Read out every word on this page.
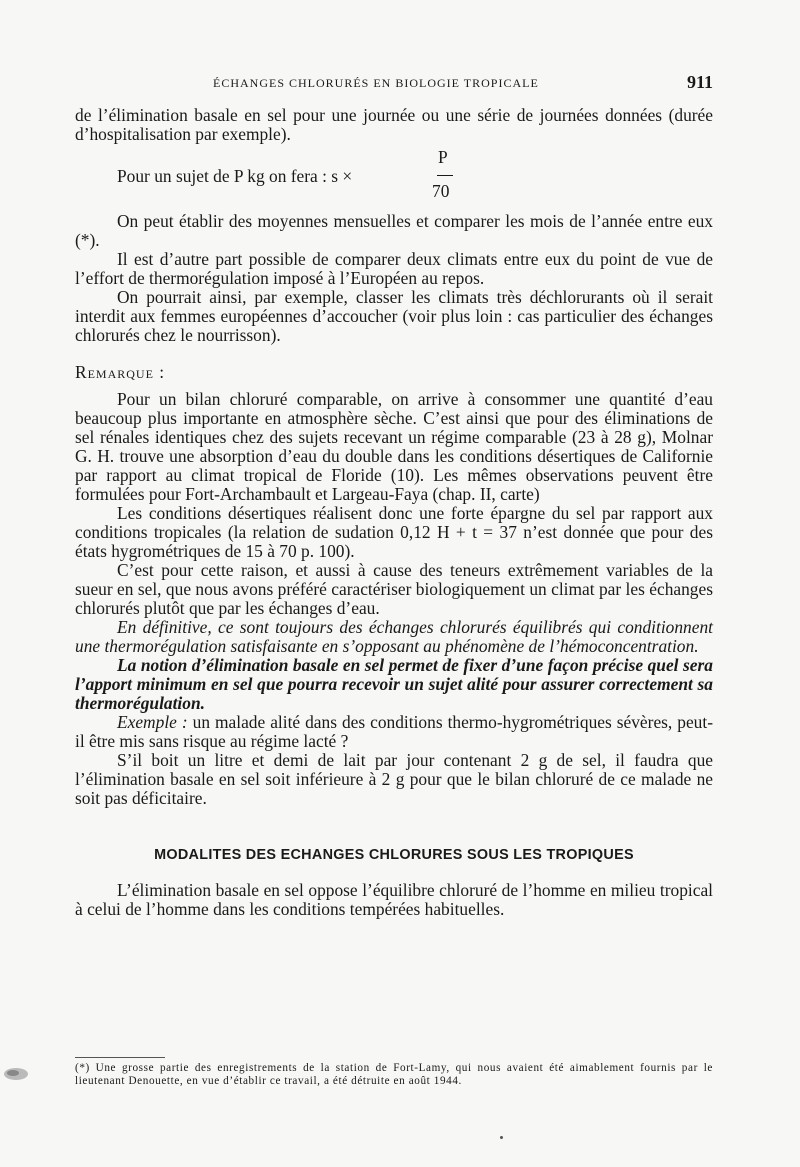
ÉCHANGES CHLORURÉS EN BIOLOGIE TROPICALE	911

de l’élimination basale en sel pour une journée ou une série de journées données (durée d’hospitalisation par exemple).

Pour un sujet de P kg on fera : s ×
P
70

On peut établir des moyennes mensuelles et comparer les mois de l’année entre eux (*).

Il est d’autre part possible de comparer deux climats entre eux du point de vue de l’effort de thermorégulation imposé à l’Européen au repos.

On pourrait ainsi, par exemple, classer les climats très déchlorurants où il serait interdit aux femmes européennes d’accoucher (voir plus loin : cas particulier des échanges chlorurés chez le nourrisson).

Remarque :

Pour un bilan chloruré comparable, on arrive à consommer une quantité d’eau beaucoup plus importante en atmosphère sèche. C’est ainsi que pour des éliminations de sel rénales identiques chez des sujets recevant un régime comparable (23 à 28 g), Molnar G. H. trouve une absorption d’eau du double dans les conditions désertiques de Californie par rapport au climat tropical de Floride (10). Les mêmes observations peuvent être formulées pour Fort-Archambault et Largeau-Faya (chap. II, carte)

Les conditions désertiques réalisent donc une forte épargne du sel par rapport aux conditions tropicales (la relation de sudation 0,12 H + t = 37 n’est donnée que pour des états hygrométriques de 15 à 70 p. 100).

C’est pour cette raison, et aussi à cause des teneurs extrêmement variables de la sueur en sel, que nous avons préféré caractériser biologiquement un climat par les échanges chlorurés plutôt que par les échanges d’eau.

En définitive, ce sont toujours des échanges chlorurés équilibrés qui conditionnent une thermorégulation satisfaisante en s’opposant au phénomène de l’hémoconcentration.

La notion d’élimination basale en sel permet de fixer d’une façon précise quel sera l’apport minimum en sel que pourra recevoir un sujet alité pour assurer correctement sa thermorégulation.

Exemple : un malade alité dans des conditions thermo-hygrométriques sévères, peut-il être mis sans risque au régime lacté ?

S’il boit un litre et demi de lait par jour contenant 2 g de sel, il faudra que l’élimination basale en sel soit inférieure à 2 g pour que le bilan chloruré de ce malade ne soit pas déficitaire.

MODALITES DES ECHANGES CHLORURES SOUS LES TROPIQUES

L’élimination basale en sel oppose l’équilibre chloruré de l’homme en milieu tropical à celui de l’homme dans les conditions tempérées habituelles.

(*) Une grosse partie des enregistrements de la station de Fort-Lamy, qui nous avaient été aimablement fournis par le lieutenant Denouette, en vue d’établir ce travail, a été détruite en août 1944.
